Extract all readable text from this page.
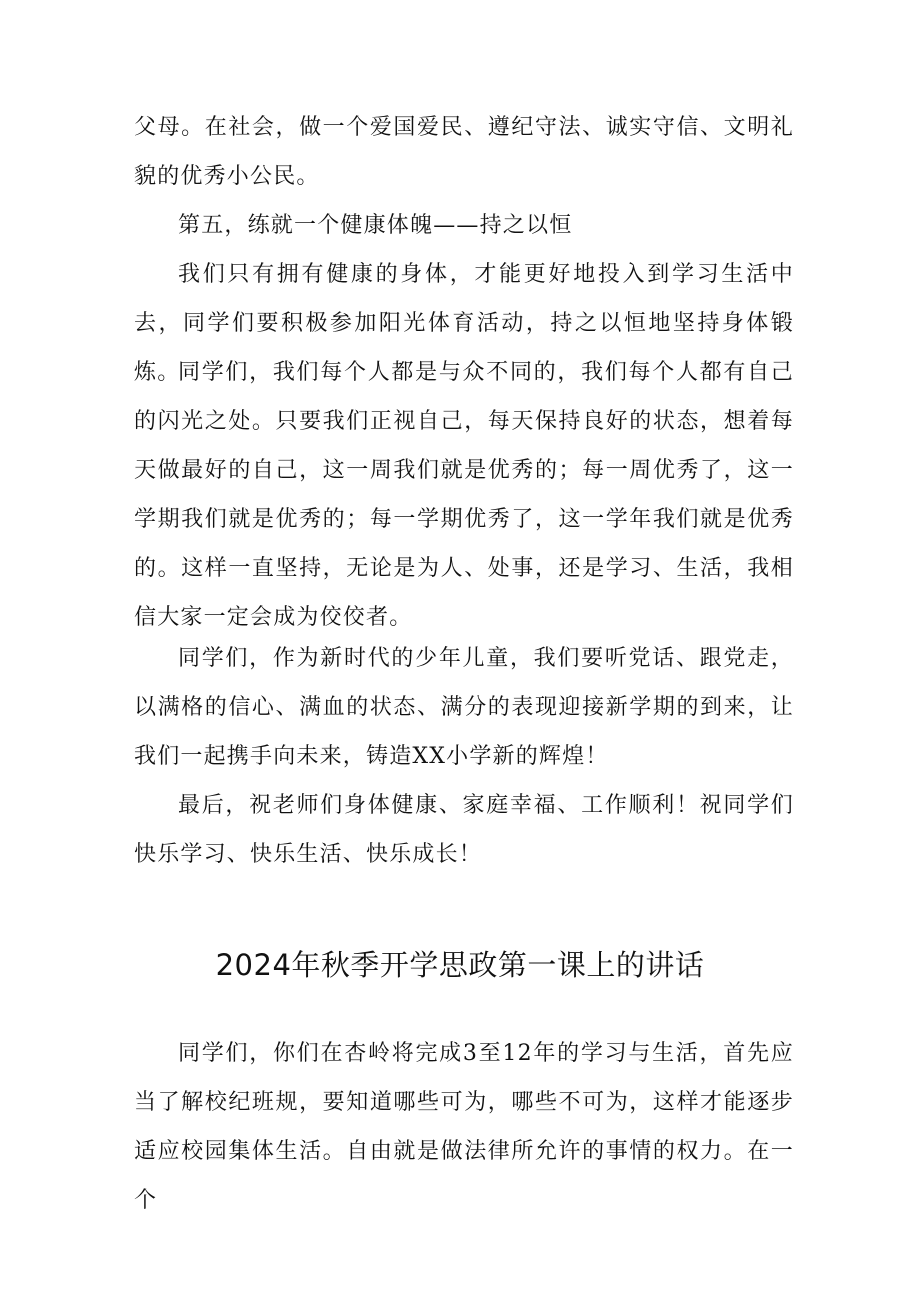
父母。在社会，做一个爱国爱民、遵纪守法、诚实守信、文明礼貌的优秀小公民。

第五，练就一个健康体魄——持之以恒

我们只有拥有健康的身体，才能更好地投入到学习生活中去，同学们要积极参加阳光体育活动，持之以恒地坚持身体锻炼。

同学们，我们每个人都是与众不同的，我们每个人都有自己的闪光之处。只要我们正视自己，每天保持良好的状态，想着每天做最好的自己，这一周我们就是优秀的；每一周优秀了，这一学期我们就是优秀的；每一学期优秀了，这一学年我们就是优秀的。这样一直坚持，无论是为人、处事，还是学习、生活，我相信大家一定会成为佼佼者。

同学们，作为新时代的少年儿童，我们要听党话、跟党走，以满格的信心、满血的状态、满分的表现迎接新学期的到来，让我们一起携手向未来，铸造XX小学新的辉煌！

最后，祝老师们身体健康、家庭幸福、工作顺利！祝同学们快乐学习、快乐生活、快乐成长！

2024年秋季开学思政第一课上的讲话

同学们，你们在杏岭将完成3至12年的学习与生活，首先应当了解校纪班规，要知道哪些可为，哪些不可为，这样才能逐步适应校园集体生活。自由就是做法律所允许的事情的权力。在一个
